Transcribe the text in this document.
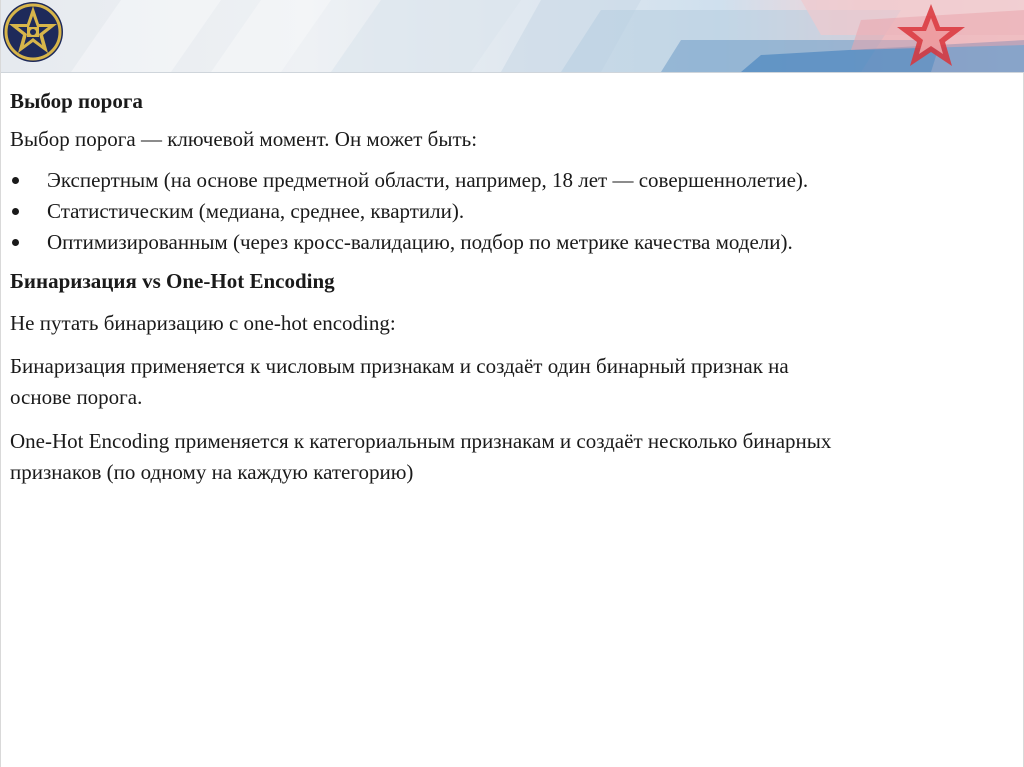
Выбор порога

Выбор порога — ключевой момент. Он может быть:

Экспертным (на основе предметной области, например, 18 лет — совершеннолетие).
Статистическим (медиана, среднее, квартили).
Оптимизированным (через кросс-валидацию, подбор по метрике качества модели).

Бинаризация vs One-Hot Encoding

Не путать бинаризацию с one-hot encoding:

Бинаризация применяется к числовым признакам и создаёт один бинарный признак на

основе порога.

One-Hot Encoding применяется к категориальным признакам и создаёт несколько бинарных

признаков (по одному на каждую категорию)
